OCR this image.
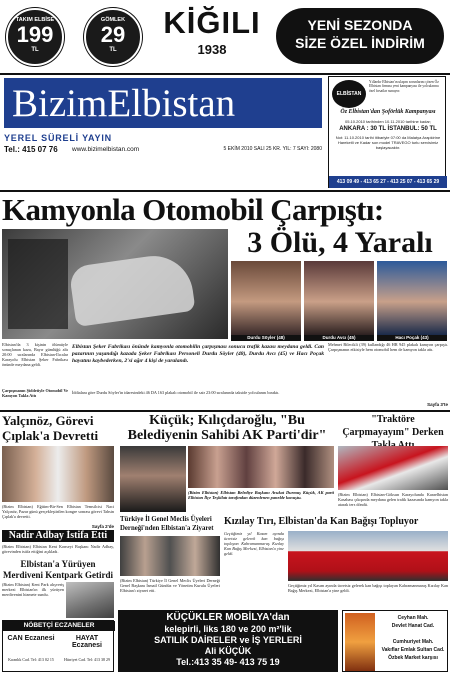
TAKIM ELBİSE
199
TL
GÖMLEK
29
TL
KİĞILI
1938
YENİ SEZONDA
SİZE ÖZEL İNDİRİM
BizimElbistan
YEREL SÜRELİ YAYIN
Tel.: 415 07 76	www.bizimelbistan.com	5 EKİM 2010 SALI 25 KR. YIL: 7 SAYI: 2080
ELBİSTAN
Yıllardır Elbistan'ın ulaşım sorunlarını çözen Öz Elbistan firması yeni kampanyası ile yolcularına özel fırsatlar sunuyor.
Öz Elbistan'dan Şoförlük Kampanyası
05.10.2010 tarihinden 10.11.2010 tarihine kadar;
ANKARA : 30 TL İSTANBUL: 50 TL
Not: 11.10.2010 tarihi itibariyle 07:00 da Malatya Arapkirine Hareketli ve Kadar son model TRAVEGO turlu servisimiz başlayacaktır.
413 09 49 - 413 65 27 - 413 25 07 - 413 65 29
Kamyonla Otomobil Çarpıştı:
3 Ölü, 4 Yaralı
Durdu Söyler (48)	Durdu Avcı (45)	Hacı Poçak (43)
Elbistan'da 3 kişinin ölümüyle sonuçlanan kaza, Bayır gümlüğü altı 20:00 sıralarında Elbistan-Ilıcalar Karayolu Elbistan Şeker Fabrikası önünde meydana geldi.
Çarpışmanın Şiddetiyle Otomobil Ve Kamyon Takla Attı
Elbistan Şeker Fabrikası önünde kamyonla otomobilin çarpışması sonucu trafik kazası meydana geldi. Can pazarının yaşandığı kazada Şeker Fabrikası Personeli Durdu Söyler (48), Durdu Avcı (45) ve Hacı Poçak hayatını kaybederken, 2'si ağır 4 kişi de yaralandı.
İddialara göre Durdu Söyler'in idaresindeki 46 DA 163 plakalı otomobil ile sair 23:00 sıralarında takside yolcularını bıraktı.
Mehmet Bilecikli (39) kullandığı 46 HR 945 plakalı kamyon çarpıştı. Çarpışmanın etkisiyle hem otomobil hem de kamyon takla attı.
Sayfa 3'te
Yalçınöz, Görevi Çıplak'a Devretti
(Bizim Elbistan) Eğitim-Bir-Sen Elbistan Temsilcisi Naci Yalçınöz, Pazar günü gerçekleştirilen kongre sonrası görevi Tahsin Çıplak'a devretti.
Sayfa 2'de
Nadir Adbay İstifa Etti
(Bizim Elbistan) Elbistan Kent Konseyi Başkanı Nadir Adbay, görevinden istifa ettiğini açıkladı.
Elbistan'a Yürüyen Merdiveni Kentpark Getirdi
(Bizim Elbistan) Kent Park alışveriş merkezi Elbistan'ın ilk yürüyen merdivenini hizmete sundu.
NÖBETÇİ ECZANELER
CAN Eczanesi
Kıranlık Cad. Tel: 413 02 15
HAYAT Eczanesi
Hürriyet Cad. Tel: 413 38 29
Küçük; Kılıçdaroğlu, "Bu Belediyenin Sahibi AK Parti'dir"
(Bizim Elbistan) Elbistan Belediye Başkanı Avukat Durmuş Küçük, AK parti Elbistan İlçe Teşkilatı tarafından düzenlenen panelde konuştu.
Türkiye İl Genel Meclis Üyeleri Derneği'nden Elbistan'a Ziyaret
(Bizim Elbistan) Türkiye İl Genel Meclis Üyeleri Derneği Genel Başkanı İsmail Gündüz ve Yönetim Kurulu Üyeleri Elbistan'ı ziyaret etti.
Kızılay Tırı, Elbistan'da Kan Bağışı Topluyor
Geçtiğimiz yıl Kasım ayında ücretsiz gelerek kan bağışı toplayan Kahramanmaraş Kızılay Kan Bağış Merkezi, Elbistan'a yine geldi.
Geçtiğimiz yıl Kasım ayında ücretsiz gelerek kan bağışı toplayan Kahramanmaraş Kızılay Kan Bağış Merkezi, Elbistan'a yine geldi.
"Traktöre Çarpmayayım" Derken
(Bizim Elbistan) Elbistan-Göksun Karayolunda Karaelbistan Kasabası çıkışında meydana gelen trafik kazasında kamyon takla atarak ters döndü.
KÜÇÜKLER MOBİLYA'dan
kelepirli, liks 180 ve 200 m²'lik
SATILIK DAİRELER ve İŞ YERLERİ
Ali KÜÇÜK
Tel.:413 35 49- 413 75 19
Ceyhan Mah.
Devlet Hanat Cad.
Cumhuriyet Mah.
Vakıflar Emlak Sultan Cad.
Özbek Market karşısı
